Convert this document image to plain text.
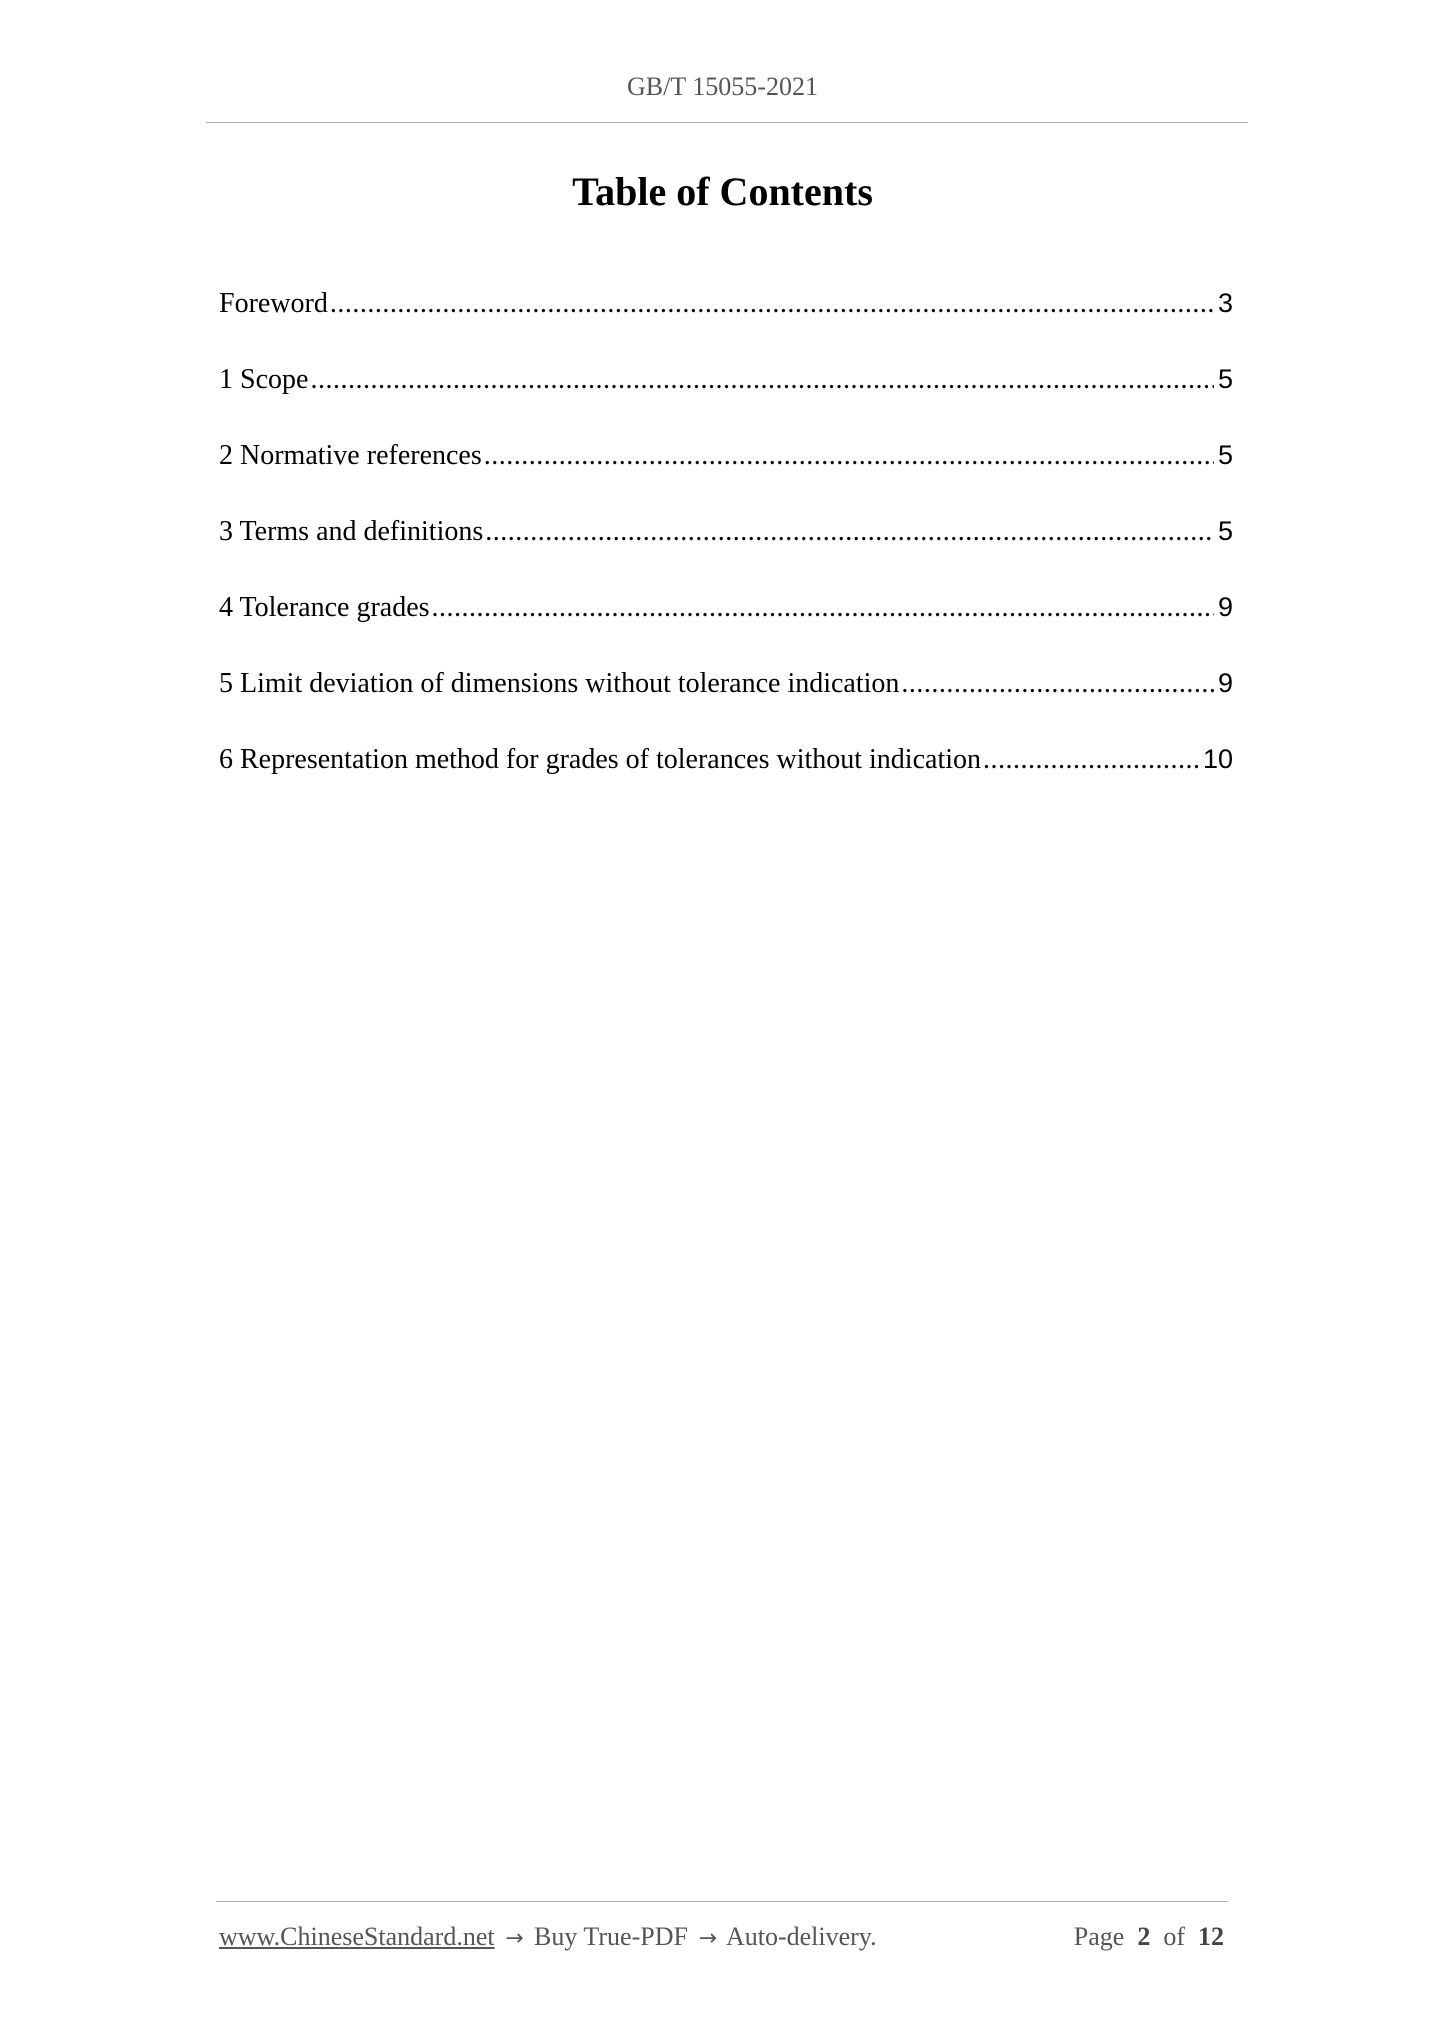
GB/T 15055-2021
Table of Contents
Foreword .....	3
1 Scope .....	5
2 Normative references .....	5
3 Terms and definitions .....	5
4 Tolerance grades .....	9
5 Limit deviation of dimensions without tolerance indication .....	9
6 Representation method for grades of tolerances without indication .....	10
www.ChineseStandard.net → Buy True-PDF → Auto-delivery.	Page 2 of 12
